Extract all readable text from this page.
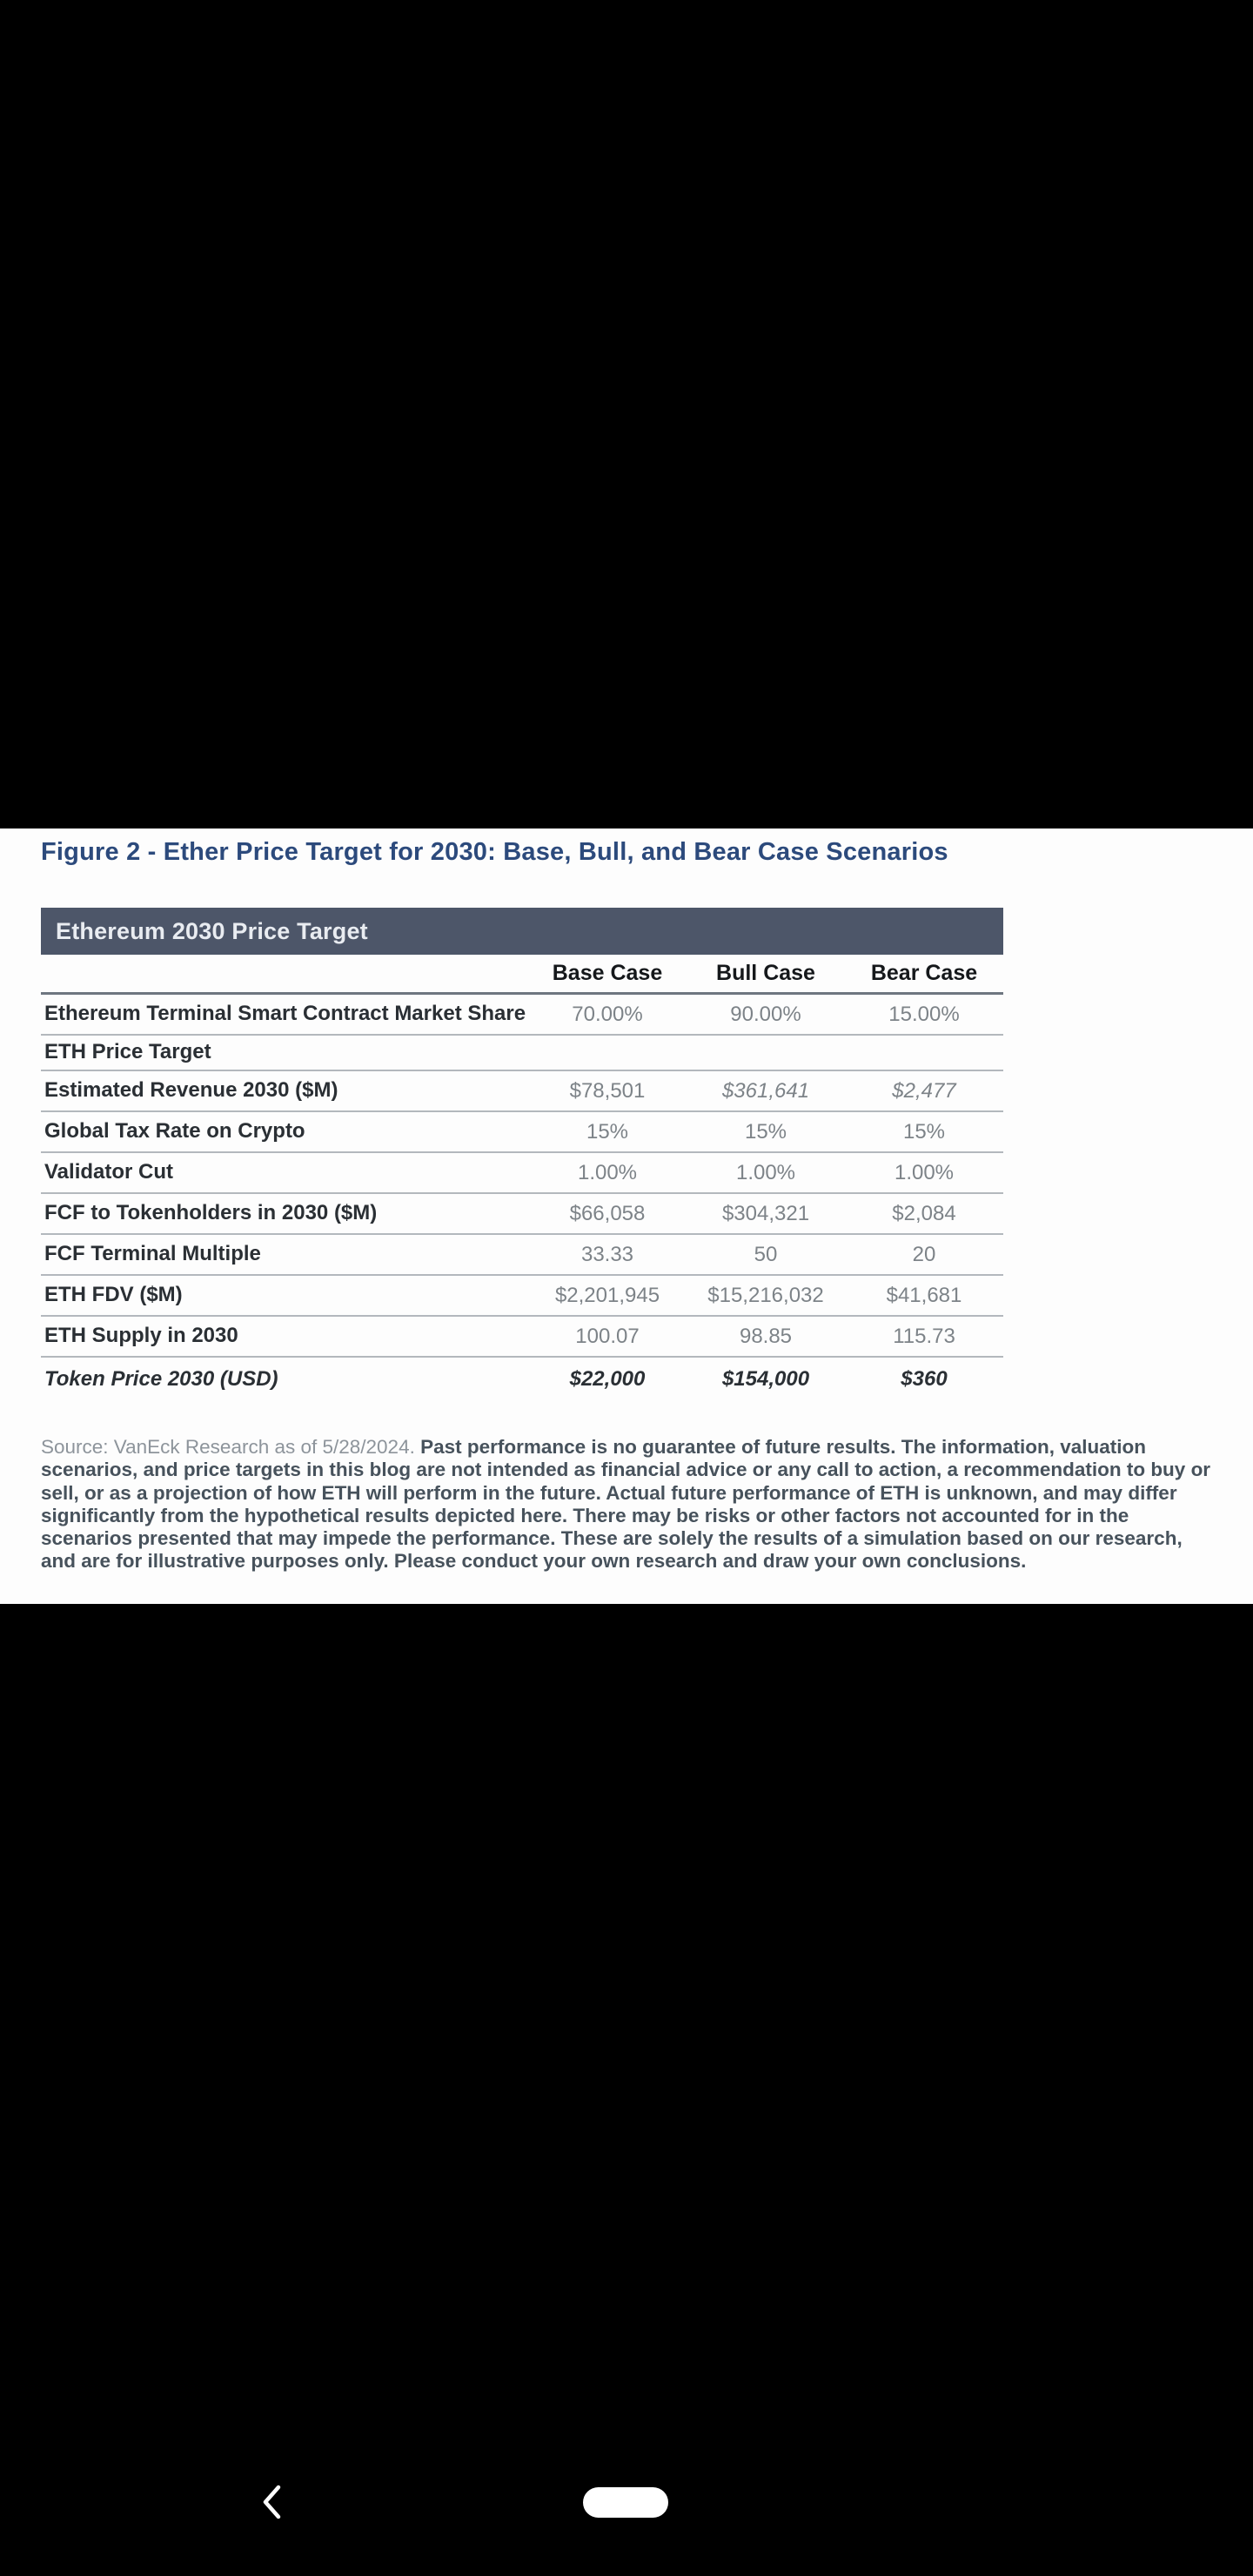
Figure 2 - Ether Price Target for 2030: Base, Bull, and Bear Case Scenarios
Ethereum 2030 Price Target
Base Case	Bull Case	Bear Case
Ethereum Terminal Smart Contract Market Share	70.00%	90.00%	15.00%
ETH Price Target
Estimated Revenue 2030 ($M)	$78,501	$361,641	$2,477
Global Tax Rate on Crypto	15%	15%	15%
Validator Cut	1.00%	1.00%	1.00%
FCF to Tokenholders in 2030 ($M)	$66,058	$304,321	$2,084
FCF Terminal Multiple	33.33	50	20
ETH FDV ($M)	$2,201,945	$15,216,032	$41,681
ETH Supply in 2030	100.07	98.85	115.73
Token Price 2030 (USD)	$22,000	$154,000	$360
Source: VanEck Research as of 5/28/2024. Past performance is no guarantee of future results. The information, valuation scenarios, and price targets in this blog are not intended as financial advice or any call to action, a recommendation to buy or sell, or as a projection of how ETH will perform in the future. Actual future performance of ETH is unknown, and may differ significantly from the hypothetical results depicted here. There may be risks or other factors not accounted for in the scenarios presented that may impede the performance. These are solely the results of a simulation based on our research, and are for illustrative purposes only. Please conduct your own research and draw your own conclusions.
